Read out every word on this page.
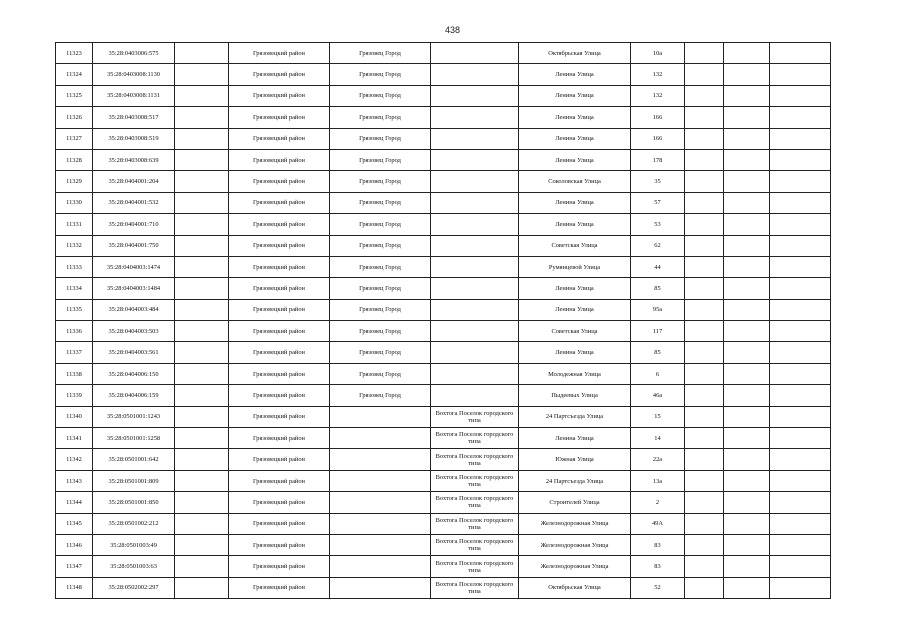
438
11323	35:28:0403006:575		Грязовецкий район	Грязовец Город		Октябрьская Улица	10а			
11324	35:28:0403008:1130		Грязовецкий район	Грязовец Город		Ленина Улица	132			
11325	35:28:0403008:1131		Грязовецкий район	Грязовец Город		Ленина Улица	132			
11326	35:28:0403008:517		Грязовецкий район	Грязовец Город		Ленина Улица	166			
11327	35:28:0403008:519		Грязовецкий район	Грязовец Город		Ленина Улица	166			
11328	35:28:0403008:639		Грязовецкий район	Грязовец Город		Ленина Улица	178			
11329	35:28:0404001:204		Грязовецкий район	Грязовец Город		Соколовская Улица	35			
11330	35:28:0404001:532		Грязовецкий район	Грязовец Город		Ленина Улица	57			
11331	35:28:0404001:710		Грязовецкий район	Грязовец Город		Ленина Улица	53			
11332	35:28:0404001:750		Грязовецкий район	Грязовец Город		Советская Улица	62			
11333	35:28:0404003:1474		Грязовецкий район	Грязовец Город		Румянцевой Улица	44			
11334	35:28:0404003:1484		Грязовецкий район	Грязовец Город		Ленина Улица	85			
11335	35:28:0404003:484		Грязовецкий район	Грязовец Город		Ленина Улица	95а			
11336	35:28:0404003:503		Грязовецкий район	Грязовец Город		Советская Улица	117			
11337	35:28:0404003:561		Грязовецкий район	Грязовец Город		Ленина Улица	85			
11338	35:28:0404006:150		Грязовецкий район	Грязовец Город		Молодежная Улица	6			
11339	35:28:0404006:159		Грязовецкий район	Грязовец Город		Пыдеевых Улица	46а			
11340	35:28:0501001:1243		Грязовецкий район		Вохтога Поселок городского типа	24 Партсъезда Улица	15			
11341	35:28:0501001:1258		Грязовецкий район		Вохтога Поселок городского типа	Ленина Улица	14			
11342	35:28:0501001:642		Грязовецкий район		Вохтога Поселок городского типа	Южная Улица	22а			
11343	35:28:0501001:809		Грязовецкий район		Вохтога Поселок городского типа	24 Партсъезда Улица	13а			
11344	35:28:0501001:850		Грязовецкий район		Вохтога Поселок городского типа	Строителей Улица	2			
11345	35:28:0501002:212		Грязовецкий район		Вохтога Поселок городского типа	Железнодорожная Улица	49А			
11346	35:28:0501003:49		Грязовецкий район		Вохтога Поселок городского типа	Железнодорожная Улица	83			
11347	35:28:0501003:63		Грязовецкий район		Вохтога Поселок городского типа	Железнодорожная Улица	83			
11348	35:28:0502002:297		Грязовецкий район		Вохтога Поселок городского типа	Октябрьская Улица	52			
